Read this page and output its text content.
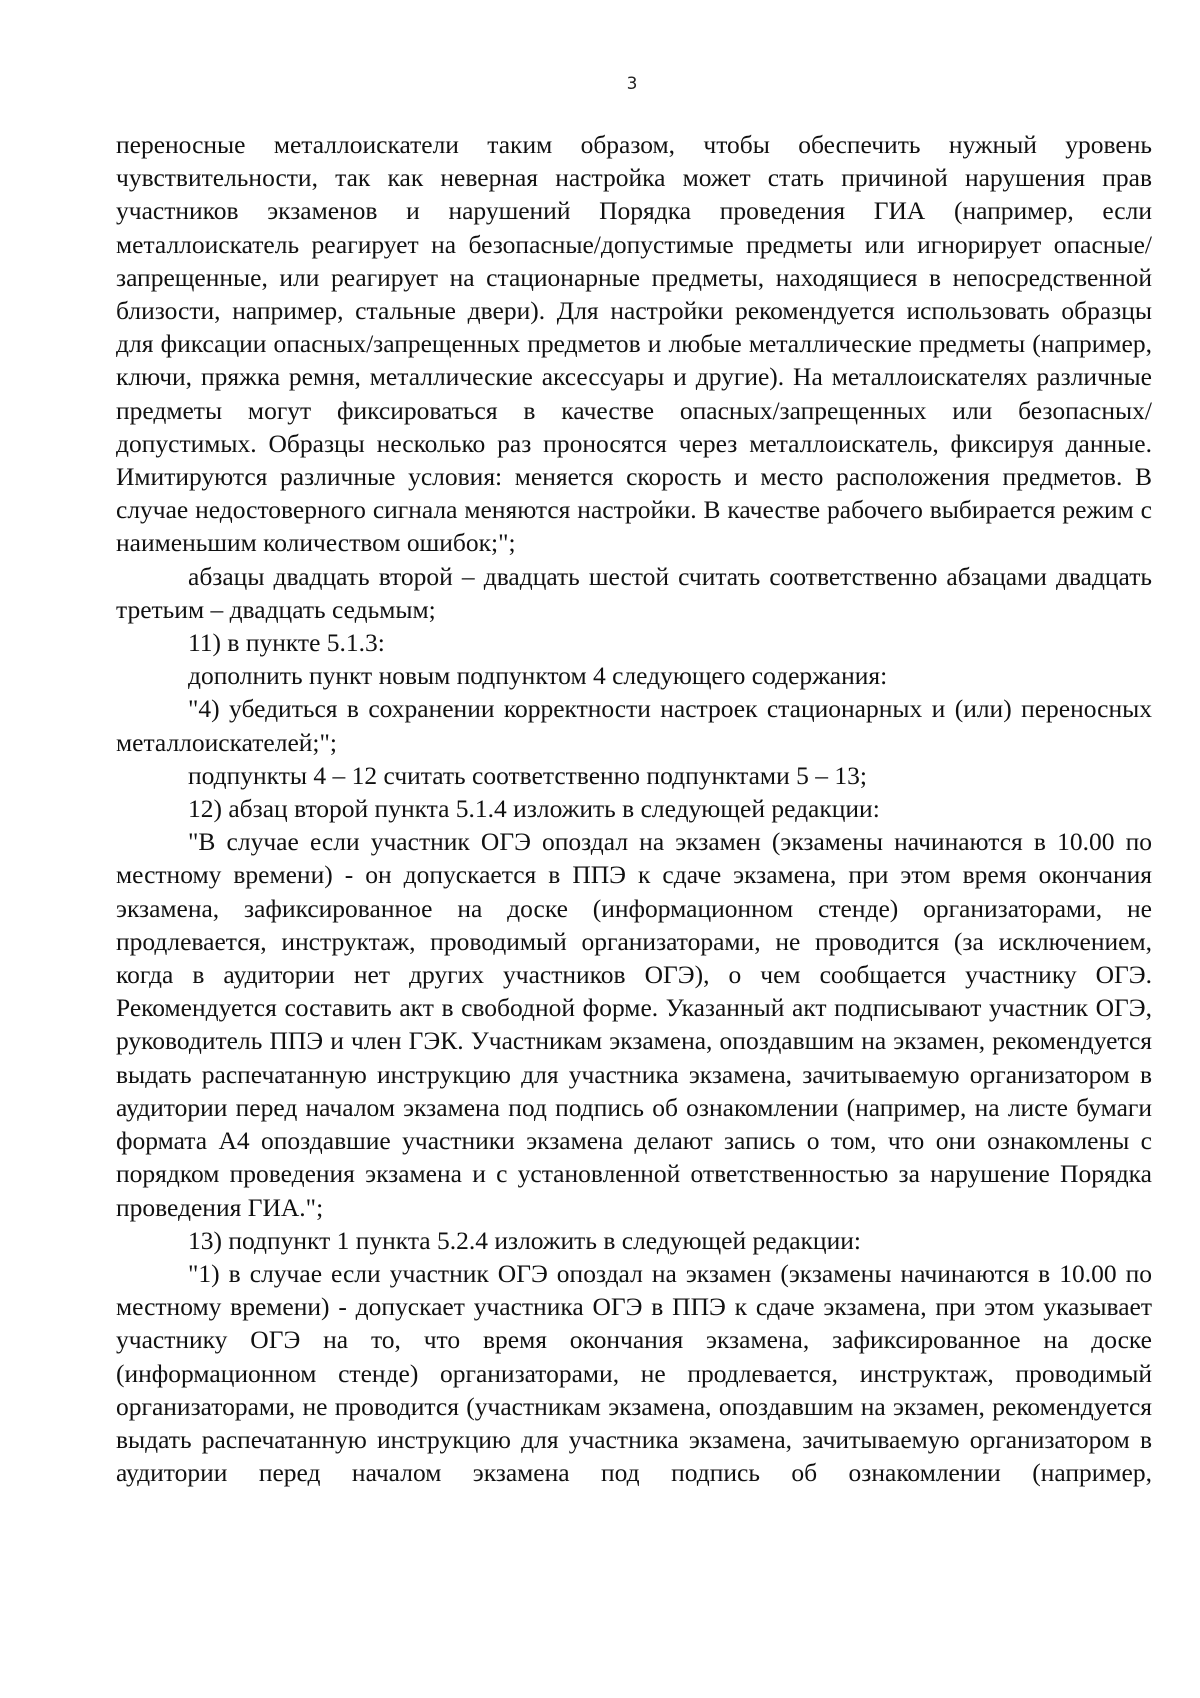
3

переносные металлоискатели таким образом, чтобы обеспечить нужный уровень чувствительности, так как неверная настройка может стать причиной нарушения прав участников экзаменов и нарушений Порядка проведения ГИА (например, если металлоискатель реагирует на безопасные/допустимые предметы или игнорирует опасные/запрещенные, или реагирует на стационарные предметы, находящиеся в непосредственной близости, например, стальные двери). Для настройки рекомендуется использовать образцы для фиксации опасных/запрещенных предметов и любые металлические предметы (например, ключи, пряжка ремня, металлические аксессуары и другие). На металлоискателях различные предметы могут фиксироваться в качестве опасных/запрещенных или безопасных/допустимых. Образцы несколько раз проносятся через металлоискатель, фиксируя данные. Имитируются различные условия: меняется скорость и место расположения предметов. В случае недостоверного сигнала меняются настройки. В качестве рабочего выбирается режим с наименьшим количеством ошибок;";

абзацы двадцать второй – двадцать шестой считать соответственно абзацами двадцать третьим – двадцать седьмым;

11) в пункте 5.1.3:

дополнить пункт новым подпунктом 4 следующего содержания:

"4) убедиться в сохранении корректности настроек стационарных и (или) переносных металлоискателей;";

подпункты 4 – 12 считать соответственно подпунктами 5 – 13;

12) абзац второй пункта 5.1.4 изложить в следующей редакции:

"В случае если участник ОГЭ опоздал на экзамен (экзамены начинаются в 10.00 по местному времени) - он допускается в ППЭ к сдаче экзамена, при этом время окончания экзамена, зафиксированное на доске (информационном стенде) организаторами, не продлевается, инструктаж, проводимый организаторами, не проводится (за исключением, когда в аудитории нет других участников ОГЭ), о чем сообщается участнику ОГЭ. Рекомендуется составить акт в свободной форме. Указанный акт подписывают участник ОГЭ, руководитель ППЭ и член ГЭК. Участникам экзамена, опоздавшим на экзамен, рекомендуется выдать распечатанную инструкцию для участника экзамена, зачитываемую организатором в аудитории перед началом экзамена под подпись об ознакомлении (например, на листе бумаги формата А4 опоздавшие участники экзамена делают запись о том, что они ознакомлены с порядком проведения экзамена и с установленной ответственностью за нарушение Порядка проведения ГИА.";

13) подпункт 1 пункта 5.2.4 изложить в следующей редакции:

"1) в случае если участник ОГЭ опоздал на экзамен (экзамены начинаются в 10.00 по местному времени) - допускает участника ОГЭ в ППЭ к сдаче экзамена, при этом указывает участнику ОГЭ на то, что время окончания экзамена, зафиксированное на доске (информационном стенде) организаторами, не продлевается, инструктаж, проводимый организаторами, не проводится (участникам экзамена, опоздавшим на экзамен, рекомендуется выдать распечатанную инструкцию для участника экзамена, зачитываемую организатором в аудитории перед началом экзамена под подпись об ознакомлении (например,
